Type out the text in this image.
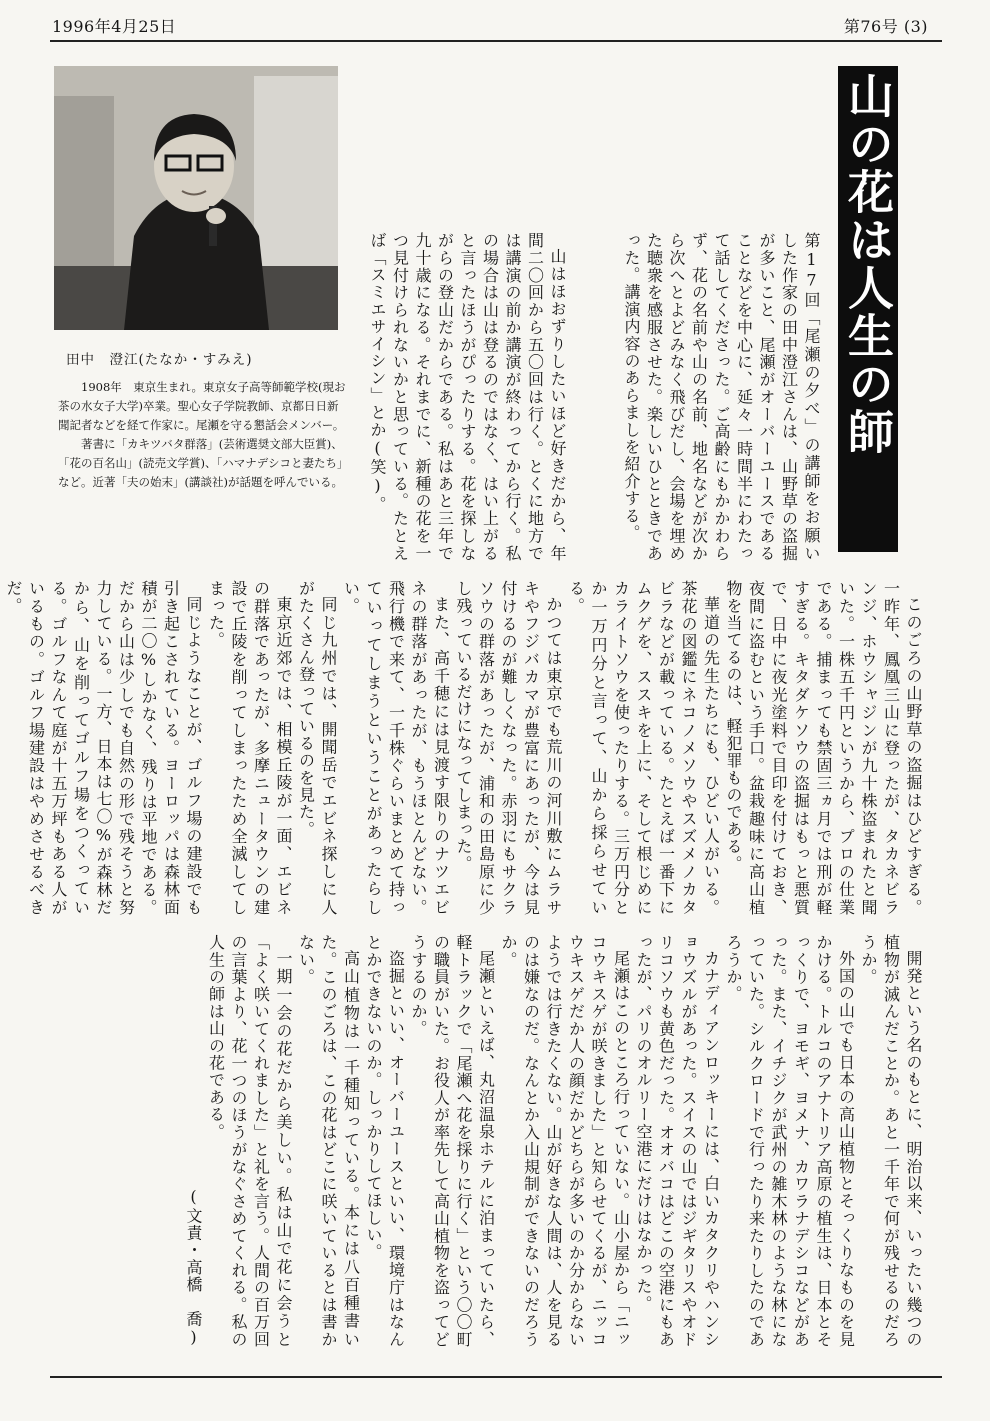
1996年4月25日	第76号 (3)
田中　澄江(たなか・すみえ)

1908年　東京生まれ。東京女子高等師範学校(現お茶の水女子大学)卒業。聖心女子学院教師、京都日日新聞記者などを経て作家に。尾瀬を守る懇話会メンバー。

著書に「カキツバタ群落」(芸術選奨文部大臣賞)、「花の百名山」(読売文学賞)、「ハマナデシコと妻たち」など。近著「夫の始末」(講談社)が話題を呼んでいる。

山の花は人生の師

第17回「尾瀬の夕べ」の講師をお願いした作家の田中澄江さんは、山野草の盗掘が多いこと、尾瀬がオーバーユースであることなどを中心に、延々一時間半にわたって話してくださった。ご高齢にもかかわらず、花の名前や山の名前、地名などが次から次へとよどみなく飛びだし、会場を埋めた聴衆を感服させた。楽しいひとときであった。講演内容のあらましを紹介する。

山はほおずりしたいほど好きだから、年間二〇回から五〇回は行く。とくに地方では講演の前か講演が終わってから行く。私の場合は山は登るのではなく、はい上がると言ったほうがぴったりする。花を探しながらの登山だからである。私はあと三年で九十歳になる。それまでに、新種の花を一つ見付けられないかと思っている。たとえば「スミエサイシン」とか(笑)。

このごろの山野草の盗掘はひどすぎる。一昨年、鳳凰三山に登ったが、タカネビランジ、ホウシャジンが九十株盗まれたと聞いた。一株五千円というから、プロの仕業である。捕まっても禁固三ヵ月では刑が軽すぎる。キタダケソウの盗掘はもっと悪質で、日中に夜光塗料で目印を付けておき、夜間に盗むという手口。盆栽趣味に高山植物を当てるのは、軽犯罪ものである。

華道の先生たちにも、ひどい人がいる。茶花の図鑑にネコノメソウやスズメノカタビラなどが載っている。たとえば一番下にムクゲを、ススキを上に、そして根じめにカライトソウを使ったりする。三万円分とか一万円分と言って、山から採らせている。

かつては東京でも荒川の河川敷にムラサキやフジバカマが豊富にあったが、今は見付けるのが難しくなった。赤羽にもサクラソウの群落があったが、浦和の田島原に少し残っているだけになってしまった。

また、高千穂には見渡す限りのナツエビネの群落があったが、もうほとんどない。飛行機で来て、一千株ぐらいまとめて持っていってしまうということがあったらしい。

同じ九州では、開聞岳でエビネ探しに人がたくさん登っているのを見た。

東京近郊では、相模丘陵が一面、エビネの群落であったが、多摩ニュータウンの建設で丘陵を削ってしまったため全滅してしまった。

同じようなことが、ゴルフ場の建設でも引き起こされている。ヨーロッパは森林面積が二〇%しかなく、残りは平地である。だから山は少しでも自然の形で残そうと努力している。一方、日本は七〇%が森林だから、山を削ってゴルフ場をつくっている。ゴルフなんて庭が十五万坪もある人がいるもの。ゴルフ場建設はやめさせるべきだ。

開発という名のもとに、明治以来、いったい幾つの植物が滅んだことか。あと一千年で何が残せるのだろうか。

外国の山でも日本の高山植物とそっくりなものを見かける。トルコのアナトリア高原の植生は、日本とそっくりで、ヨモギ、ヨメナ、カワラナデシコなどがあった。また、イチジクが武州の雑木林のような林になっていた。シルクロードで行ったり来たりしたのであろうか。

カナディアンロッキーには、白いカタクリやハンショウズルがあった。スイスの山ではジギタリスやオドリコソウも黄色だった。オオバコはどこの空港にもあったが、パリのオルリー空港にだけはなかった。

尾瀬はこのところ行っていない。山小屋から「ニッコウキスゲが咲きました」と知らせてくるが、ニッコウキスゲだか人の顔だかどちらが多いのか分からないようでは行きたくない。山が好きな人間は、人を見るのは嫌なのだ。なんとか入山規制ができないのだろうか。

尾瀬といえば、丸沼温泉ホテルに泊まっていたら、軽トラックで「尾瀬へ花を採りに行く」という〇〇町の職員がいた。お役人が率先して高山植物を盗ってどうするのか。

盗掘といい、オーバーユースといい、環境庁はなんとかできないのか。しっかりしてほしい。

高山植物は一千種知っている。本には八百種書いた。このごろは、この花はどこに咲いているとは書かない。

一期一会の花だから美しい。私は山で花に会うと「よく咲いてくれました」と礼を言う。人間の百万回の言葉より、花一つのほうがなぐさめてくれる。私の人生の師は山の花である。

(文責・高橋　喬)
